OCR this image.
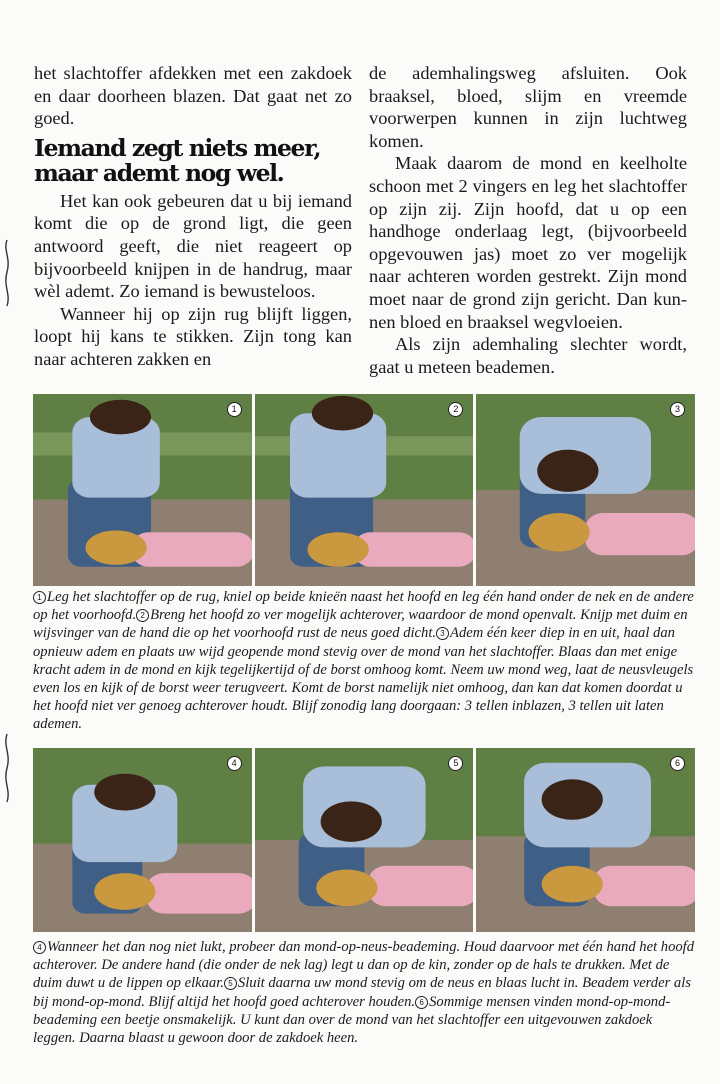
het slachtoffer afdekken met een zakdoek en daar doorheen blazen. Dat gaat net zo goed.

Iemand zegt niets meer,
maar ademt nog wel.

Het kan ook gebeuren dat u bij iemand komt die op de grond ligt, die geen antwoord geeft, die niet reageert op bijvoorbeeld knijpen in de handrug, maar wèl ademt. Zo iemand is bewusteloos.

Wanneer hij op zijn rug blijft liggen, loopt hij kans te stikken. Zijn tong kan naar achteren zakken en

de ademhalingsweg afsluiten. Ook braaksel, bloed, slijm en vreemde voorwerpen kunnen in zijn luchtweg komen.

Maak daarom de mond en keelholte schoon met 2 vingers en leg het slachtoffer op zijn zij. Zijn hoofd, dat u op een handhoge onderlaag legt, (bijvoorbeeld opgevouwen jas) moet zo ver mogelijk naar achteren worden gestrekt. Zijn mond moet naar de grond zijn gericht. Dan kunnen bloed en braaksel wegvloeien.

Als zijn ademhaling slechter wordt, gaat u meteen beademen.

1	2	3

1 Leg het slachtoffer op de rug, kniel op beide knieën naast het hoofd en leg één hand onder de nek en de andere op het voorhoofd. 2 Breng het hoofd zo ver mogelijk achterover, waardoor de mond openvalt. Knijp met duim en wijsvinger van de hand die op het voorhoofd rust de neus goed dicht. 3 Adem één keer diep in en uit, haal dan opnieuw adem en plaats uw wijd geopende mond stevig over de mond van het slachtoffer. Blaas dan met enige kracht adem in de mond en kijk tegelijkertijd of de borst omhoog komt. Neem uw mond weg, laat de neusvleugels even los en kijk of de borst weer terugveert. Komt de borst namelijk niet omhoog, dan kan dat komen doordat u het hoofd niet ver genoeg achterover houdt. Blijf zonodig lang doorgaan: 3 tellen inblazen, 3 tellen uit laten ademen.

4	5	6

4 Wanneer het dan nog niet lukt, probeer dan mond-op-neus-beademing. Houd daarvoor met één hand het hoofd achterover. De andere hand (die onder de nek lag) legt u dan op de kin, zonder op de hals te drukken. Met de duim duwt u de lippen op elkaar. 5 Sluit daarna uw mond stevig om de neus en blaas lucht in. Beadem verder als bij mond-op-mond. Blijf altijd het hoofd goed achterover houden. 6 Sommige mensen vinden mond-op-mond-beademing een beetje onsmakelijk. U kunt dan over de mond van het slachtoffer een uitgevouwen zakdoek leggen. Daarna blaast u gewoon door de zakdoek heen.
